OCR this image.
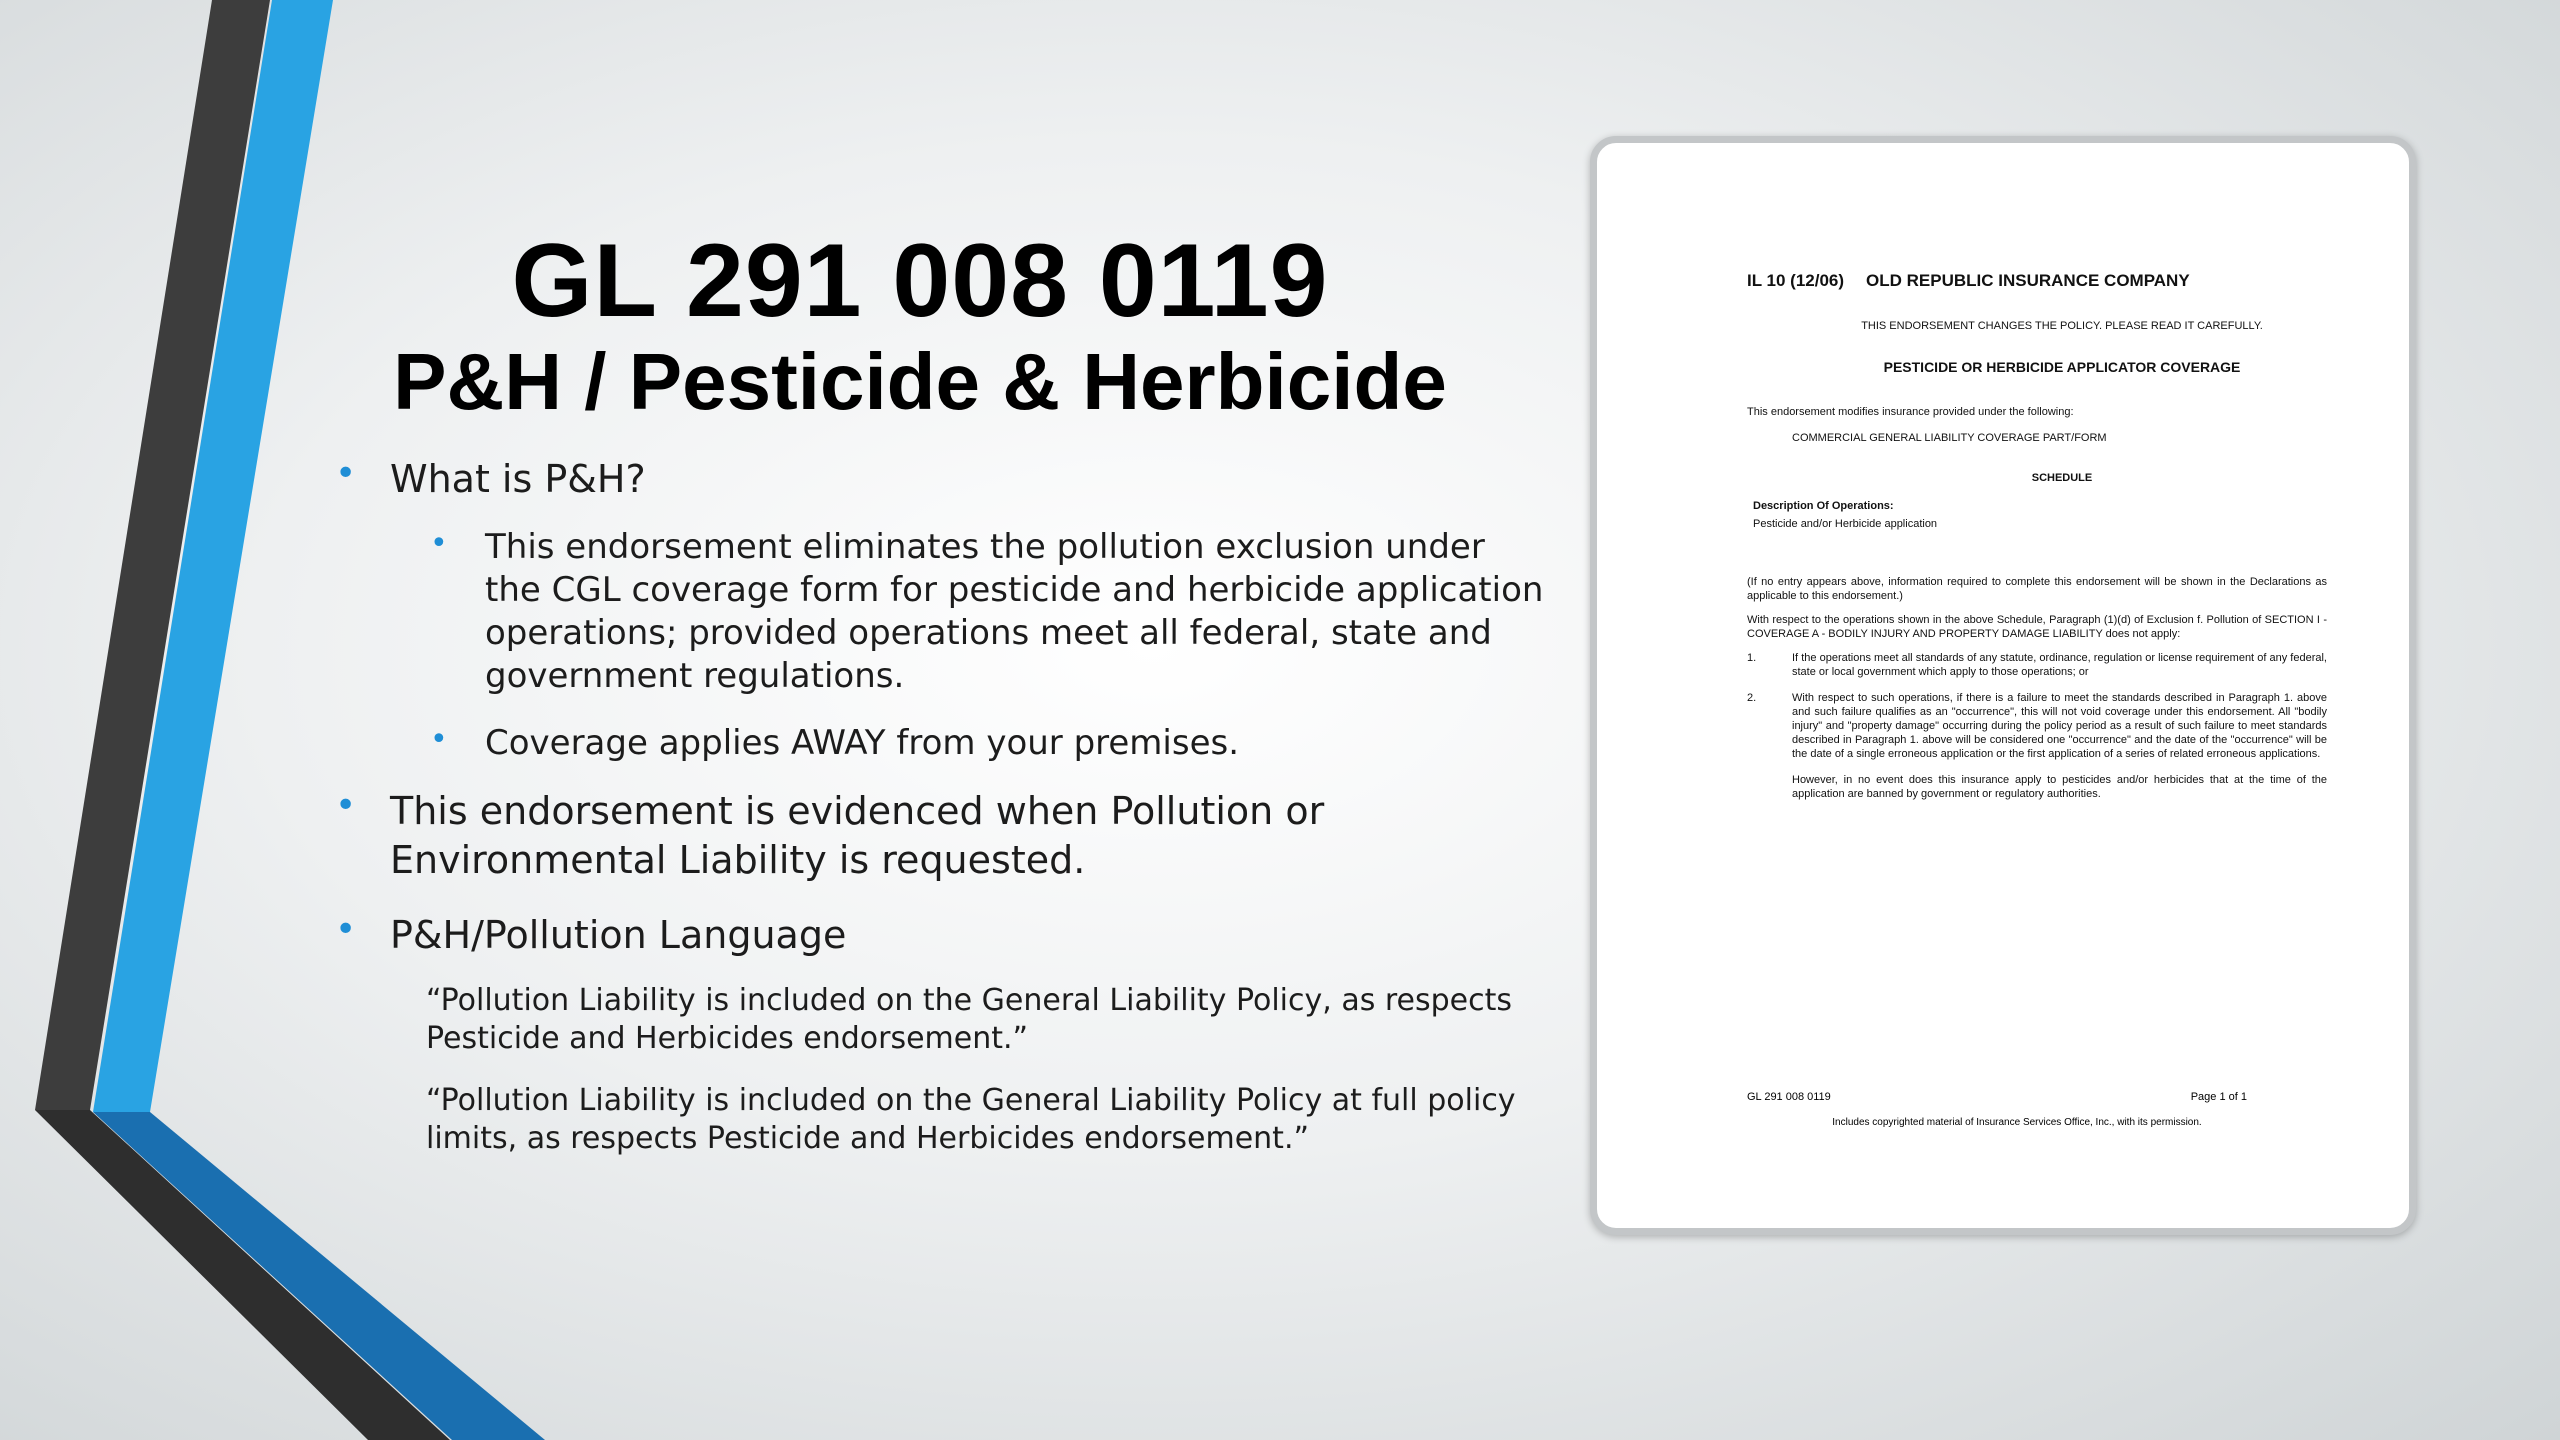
GL 291 008 0119
P&H / Pesticide & Herbicide
• What is P&H?
• This endorsement eliminates the pollution exclusion under the CGL coverage form for pesticide and herbicide application operations; provided operations meet all federal, state and government regulations.
• Coverage applies AWAY from your premises.
• This endorsement is evidenced when Pollution or Environmental Liability is requested.
• P&H/Pollution Language
“Pollution Liability is included on the General Liability Policy, as respects Pesticide and Herbicides endorsement.”
“Pollution Liability is included on the General Liability Policy at full policy limits, as respects Pesticide and Herbicides endorsement.”
IL 10 (12/06) OLD REPUBLIC INSURANCE COMPANY
THIS ENDORSEMENT CHANGES THE POLICY. PLEASE READ IT CAREFULLY.
PESTICIDE OR HERBICIDE APPLICATOR COVERAGE
This endorsement modifies insurance provided under the following:
COMMERCIAL GENERAL LIABILITY COVERAGE PART/FORM
SCHEDULE
Description Of Operations:
Pesticide and/or Herbicide application
(If no entry appears above, information required to complete this endorsement will be shown in the Declarations as applicable to this endorsement.)
With respect to the operations shown in the above Schedule, Paragraph (1)(d) of Exclusion f. Pollution of SECTION I - COVERAGE A - BODILY INJURY AND PROPERTY DAMAGE LIABILITY does not apply:
1.	If the operations meet all standards of any statute, ordinance, regulation or license requirement of any federal, state or local government which apply to those operations; or
2.	With respect to such operations, if there is a failure to meet the standards described in Paragraph 1. above and such failure qualifies as an "occurrence", this will not void coverage under this endorsement. All "bodily injury" and "property damage" occurring during the policy period as a result of such failure to meet standards described in Paragraph 1. above will be considered one "occurrence" and the date of the "occurrence" will be the date of a single erroneous application or the first application of a series of related erroneous applications.
However, in no event does this insurance apply to pesticides and/or herbicides that at the time of the application are banned by government or regulatory authorities.
GL 291 008 0119	Page 1 of 1
Includes copyrighted material of Insurance Services Office, Inc., with its permission.
